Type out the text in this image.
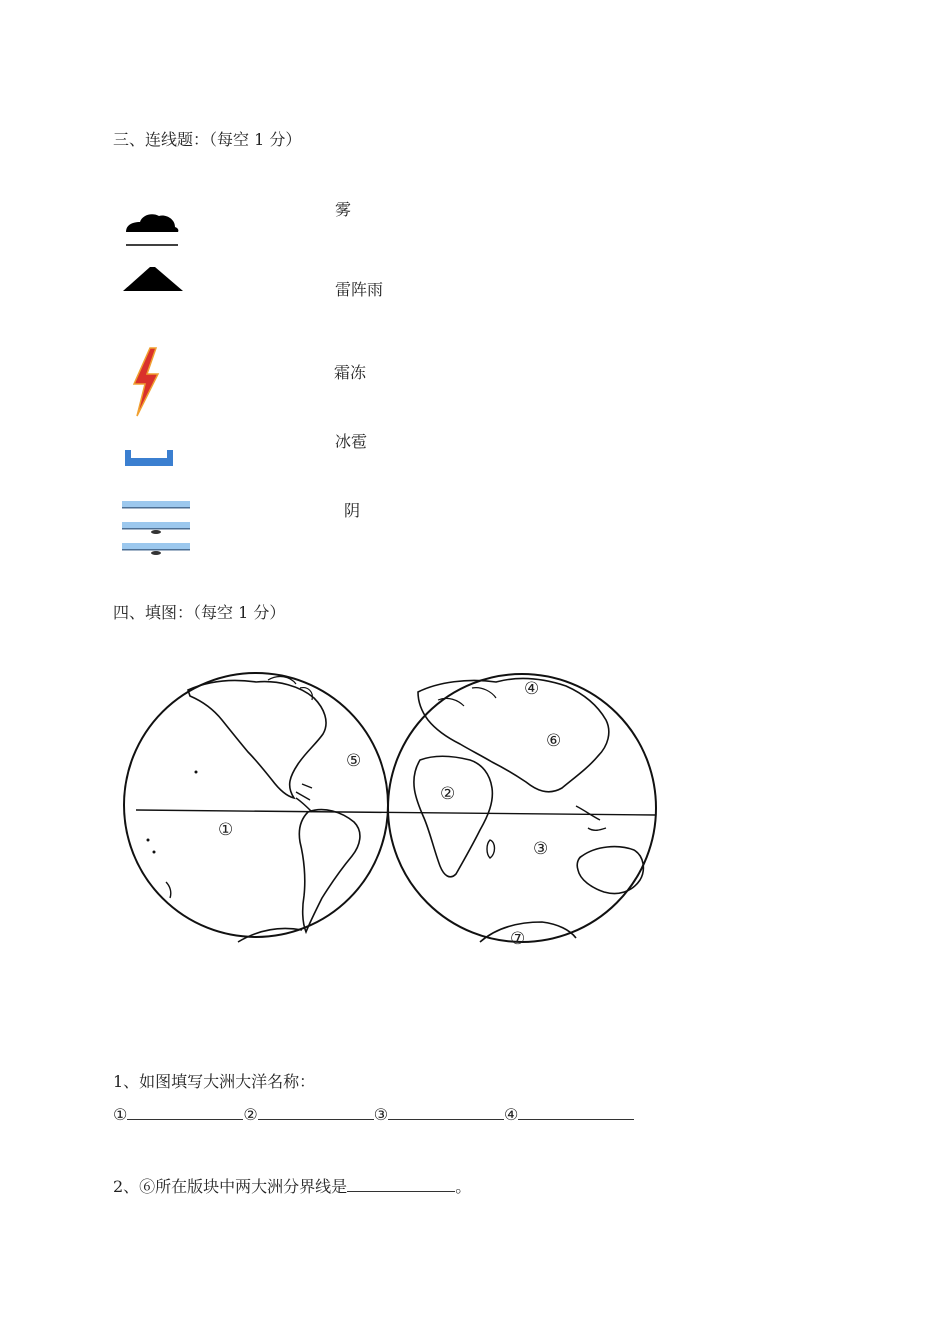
三、连线题：（每空 1 分）
雾
雷阵雨
霜冻
冰雹
阴
四、填图：（每空 1 分）
①
②
③
④
⑤
⑥
⑦
1、如图填写大洲大洋名称：
①	②	③	④
2、⑥所在版块中两大洲分界线是	。
